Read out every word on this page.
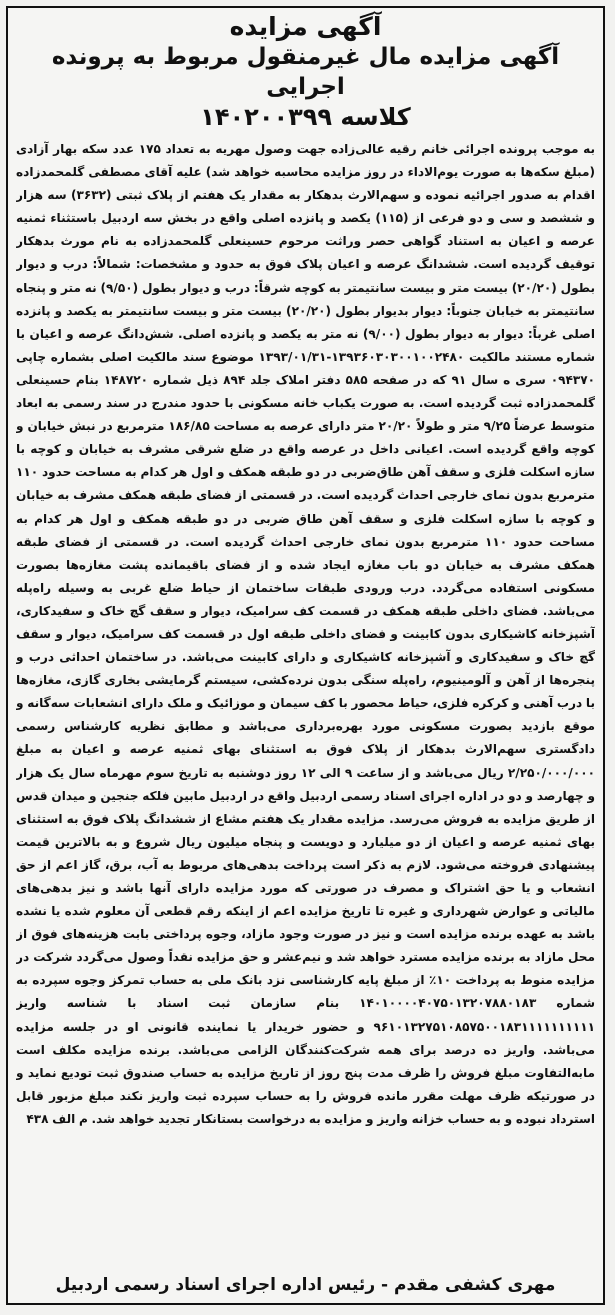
آگهی مزایده
آگهی مزایده مال غیرمنقول مربوط به پرونده اجرایی
کلاسه ۱۴۰۲۰۰۳۹۹
به موجب پرونده اجرائی خانم رقیه عالی‌زاده جهت وصول مهریه به تعداد ۱۷۵ عدد سکه بهار آزادی (مبلغ سکه‌ها به صورت یوم‌الاداء در روز مزایده محاسبه خواهد شد) علیه آقای مصطفی گلمحمدزاده اقدام به صدور اجرائیه نموده و سهم‌الارث بدهکار به مقدار یک هفتم از پلاک ثبتی (۳۶۳۲) سه هزار و ششصد و سی و دو فرعی از (۱۱۵) یکصد و پانزده اصلی واقع در بخش سه اردبیل باستثناء ثمنیه عرصه و اعیان به استناد گواهی حصر وراثت مرحوم حسینعلی گلمحمدزاده به نام مورث بدهکار توقیف گردیده است. ششدانگ عرصه و اعیان پلاک فوق به حدود و مشخصات: شمالاً: درب و دیوار بطول (۲۰/۲۰) بیست متر و بیست سانتیمتر به کوچه شرقاً: درب و دیوار بطول (۹/۵۰) نه متر و پنجاه سانتیمتر به خیابان جنوباً: دیوار بدیوار بطول (۲۰/۲۰) بیست متر و بیست سانتیمتر به یکصد و پانزده اصلی غرباً: دیوار به دیوار بطول (۹/۰۰) نه متر به یکصد و پانزده اصلی. شش‌دانگ عرصه و اعیان با شماره مستند مالکیت ۱۳۹۳۶۰۳۰۳۰۰۱۰۰۲۴۸۰-۱۳۹۳/۰۱/۳۱ موضوع سند مالکیت اصلی بشماره چاپی ۰۹۴۳۷۰ سری ه سال ۹۱ که در صفحه ۵۸۵ دفتر املاک جلد ۸۹۴ ذیل شماره ۱۴۸۷۲۰ بنام حسینعلی گلمحمدزاده ثبت گردیده است. به صورت یکباب خانه مسکونی با حدود مندرج در سند رسمی به ابعاد متوسط عرضاً ۹/۲۵ متر و طولاً ۲۰/۲۰ متر دارای عرصه به مساحت ۱۸۶/۸۵ مترمربع در نبش خیابان و کوچه واقع گردیده است. اعیانی داخل در عرصه واقع در ضلع شرقی مشرف به خیابان و کوچه با سازه اسکلت فلزی و سقف آهن طاق‌ضربی در دو طبقه همکف و اول هر کدام به مساحت حدود ۱۱۰ مترمربع بدون نمای خارجی احداث گردیده است. در قسمتی از فضای طبقه همکف مشرف به خیابان و کوچه با سازه اسکلت فلزی و سقف آهن طاق ضربی در دو طبقه همکف و اول هر کدام به مساحت حدود ۱۱۰ مترمربع بدون نمای خارجی احداث گردیده است. در قسمتی از فضای طبقه همکف مشرف به خیابان دو باب مغازه ایجاد شده و از فضای باقیمانده پشت مغازه‌ها بصورت مسکونی استفاده می‌گردد. درب ورودی طبقات ساختمان از حیاط ضلع غربی به وسیله راه‌پله می‌باشد. فضای داخلی طبقه همکف در قسمت کف سرامیک، دیوار و سقف گچ خاک و سفیدکاری، آشپزخانه کاشیکاری بدون کابینت و فضای داخلی طبقه اول در قسمت کف سرامیک، دیوار و سقف گچ خاک و سفیدکاری و آشپزخانه کاشیکاری و دارای کابینت می‌باشد. در ساختمان احداثی درب و پنجره‌ها از آهن و آلومینیوم، راه‌پله سنگی بدون نرده‌کشی، سیستم گرمایشی بخاری گازی، مغازه‌ها با درب آهنی و کرکره فلزی، حیاط محصور با کف سیمان و موزائیک و ملک دارای انشعابات سه‌گانه و موقع بازدید بصورت مسکونی مورد بهره‌برداری می‌باشد و مطابق نظریه کارشناس رسمی دادگستری سهم‌الارث بدهکار از پلاک فوق به استثنای بهای ثمنیه عرصه و اعیان به مبلغ ۲/۲۵۰/۰۰۰/۰۰۰ ریال می‌باشد و از ساعت ۹ الی ۱۲ روز دوشنبه به تاریخ سوم مهرماه سال یک هزار و چهارصد و دو در اداره اجرای اسناد رسمی اردبیل واقع در اردبیل مابین فلکه جنجین و میدان قدس از طریق مزایده به فروش می‌رسد. مزایده مقدار یک هفتم مشاع از ششدانگ پلاک فوق به استثنای بهای ثمنیه عرصه و اعیان از دو میلیارد و دویست و پنجاه میلیون ریال شروع و به بالاترین قیمت پیشنهادی فروخته می‌شود. لازم به ذکر است پرداخت بدهی‌های مربوط به آب، برق، گاز اعم از حق انشعاب و یا حق اشتراک و مصرف در صورتی که مورد مزایده دارای آنها باشد و نیز بدهی‌های مالیاتی و عوارض شهرداری و غیره تا تاریخ مزایده اعم از اینکه رقم قطعی آن معلوم شده یا نشده باشد به عهده برنده مزایده است و نیز در صورت وجود مازاد، وجوه پرداختی بابت هزینه‌های فوق از محل مازاد به برنده مزایده مسترد خواهد شد و نیم‌عشر و حق مزایده نقداً وصول می‌گردد شرکت در مزایده منوط به پرداخت ۱۰٪ از مبلغ پایه کارشناسی نزد بانک ملی به حساب تمرکز وجوه سپرده به شماره ۱۴۰۱۰۰۰۰۴۰۷۵۰۱۳۲۰۷۸۸۰۱۸۳ بنام سازمان ثبت اسناد با شناسه واریز ۹۶۱۰۱۳۲۷۵۱۰۸۵۷۵۰۰۱۸۳۱۱۱۱۱۱۱۱۱۱ و حضور خریدار یا نماینده قانونی او در جلسه مزایده می‌باشد. واریز ده درصد برای همه شرکت‌کنندگان الزامی می‌باشد. برنده مزایده مکلف است مابه‌التفاوت مبلغ فروش را ظرف مدت پنج روز از تاریخ مزایده به حساب صندوق ثبت تودیع نماید و در صورتیکه ظرف مهلت مقرر مانده فروش را به حساب سپرده ثبت واریز نکند مبلغ مزبور قابل استرداد نبوده و به حساب خزانه واریز و مزایده به درخواست بستانکار تجدید خواهد شد. م الف ۴۳۸
مهری کشفی مقدم - رئیس اداره اجرای اسناد رسمی اردبیل
